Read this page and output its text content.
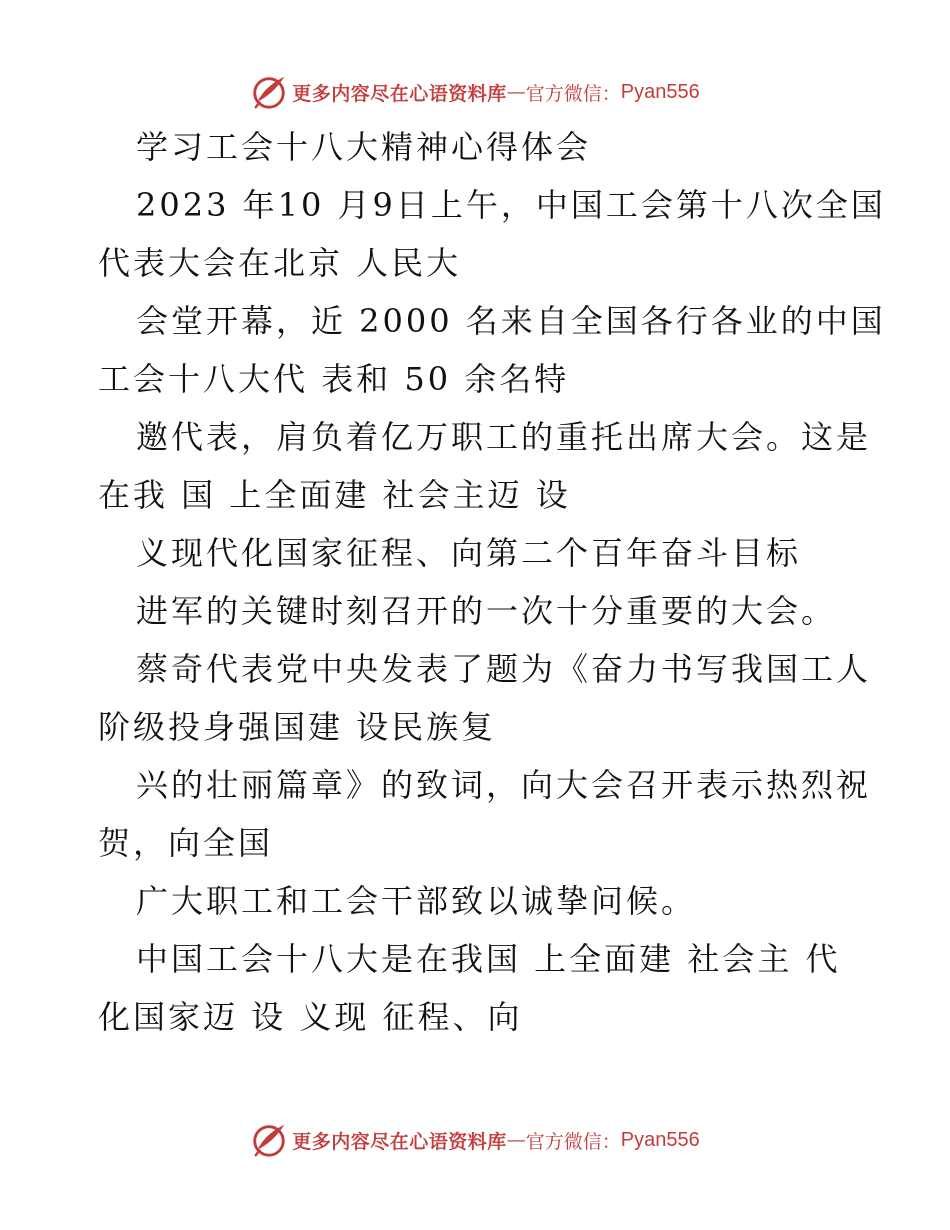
更多内容尽在心语资料库 — 官方微信： Pyan556
学习工会十八大精神心得体会
2023 年10 月9日上午，中国工会第十八次全国
代表大会在北京 人民大
会堂开幕，近 2000 名来自全国各行各业的中国
工会十八大代 表和 50 余名特
邀代表，肩负着亿万职工的重托出席大会。这是
在我 国 上全面建 社会主迈 设
义现代化国家征程、向第二个百年奋斗目标
进军的关键时刻召开的一次十分重要的大会。
蔡奇代表党中央发表了题为《奋力书写我国工人
阶级投身强国建 设民族复
兴的壮丽篇章》的致词，向大会召开表示热烈祝
贺，向全国
广大职工和工会干部致以诚挚问候。
中国工会十八大是在我国 上全面建 社会主 代
化国家迈 设 义现 征程、向
更多内容尽在心语资料库 — 官方微信： Pyan556
